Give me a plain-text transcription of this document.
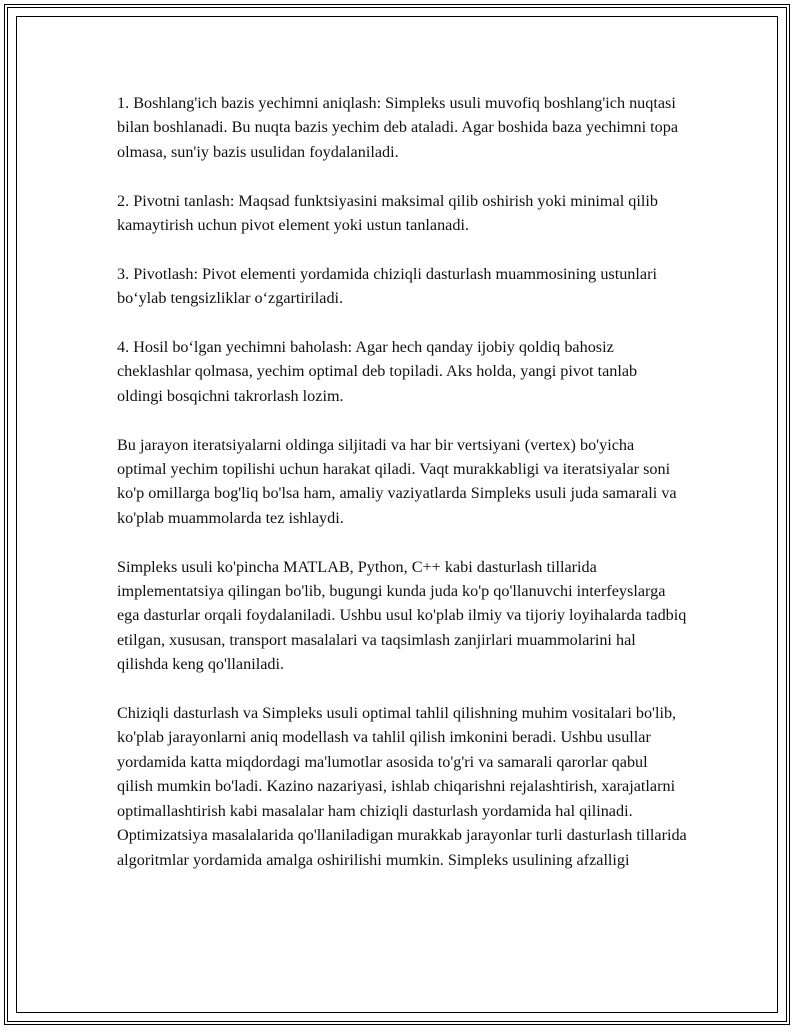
1. Boshlang'ich bazis yechimni aniqlash: Simpleks usuli muvofiq boshlang'ich nuqtasi bilan boshlanadi. Bu nuqta bazis yechim deb ataladi. Agar boshida baza yechimni topa olmasa, sun'iy bazis usulidan foydalaniladi.

2. Pivotni tanlash: Maqsad funktsiyasini maksimal qilib oshirish yoki minimal qilib kamaytirish uchun pivot element yoki ustun tanlanadi.

3. Pivotlash: Pivot elementi yordamida chiziqli dasturlash muammosining ustunlari bo‘ylab tengsizliklar o‘zgartiriladi.

4. Hosil bo‘lgan yechimni baholash: Agar hech qanday ijobiy qoldiq bahosiz cheklashlar qolmasa, yechim optimal deb topiladi. Aks holda, yangi pivot tanlab oldingi bosqichni takrorlash lozim.

Bu jarayon iteratsiyalarni oldinga siljitadi va har bir vertsiyani (vertex) bo'yicha optimal yechim topilishi uchun harakat qiladi. Vaqt murakkabligi va iteratsiyalar soni ko'p omillarga bog'liq bo'lsa ham, amaliy vaziyatlarda Simpleks usuli juda samarali va ko'plab muammolarda tez ishlaydi.

Simpleks usuli ko'pincha MATLAB, Python, C++ kabi dasturlash tillarida implementatsiya qilingan bo'lib, bugungi kunda juda ko'p qo'llanuvchi interfeyslarga ega dasturlar orqali foydalaniladi. Ushbu usul ko'plab ilmiy va tijoriy loyihalarda tadbiq etilgan, xususan, transport masalalari va taqsimlash zanjirlari muammolarini hal qilishda keng qo'llaniladi.

Chiziqli dasturlash va Simpleks usuli optimal tahlil qilishning muhim vositalari bo'lib, ko'plab jarayonlarni aniq modellash va tahlil qilish imkonini beradi. Ushbu usullar yordamida katta miqdordagi ma'lumotlar asosida to'g'ri va samarali qarorlar qabul qilish mumkin bo'ladi. Kazino nazariyasi, ishlab chiqarishni rejalashtirish, xarajatlarni optimallashtirish kabi masalalar ham chiziqli dasturlash yordamida hal qilinadi. Optimizatsiya masalalarida qo'llaniladigan murakkab jarayonlar turli dasturlash tillarida algoritmlar yordamida amalga oshirilishi mumkin. Simpleks usulining afzalligi
